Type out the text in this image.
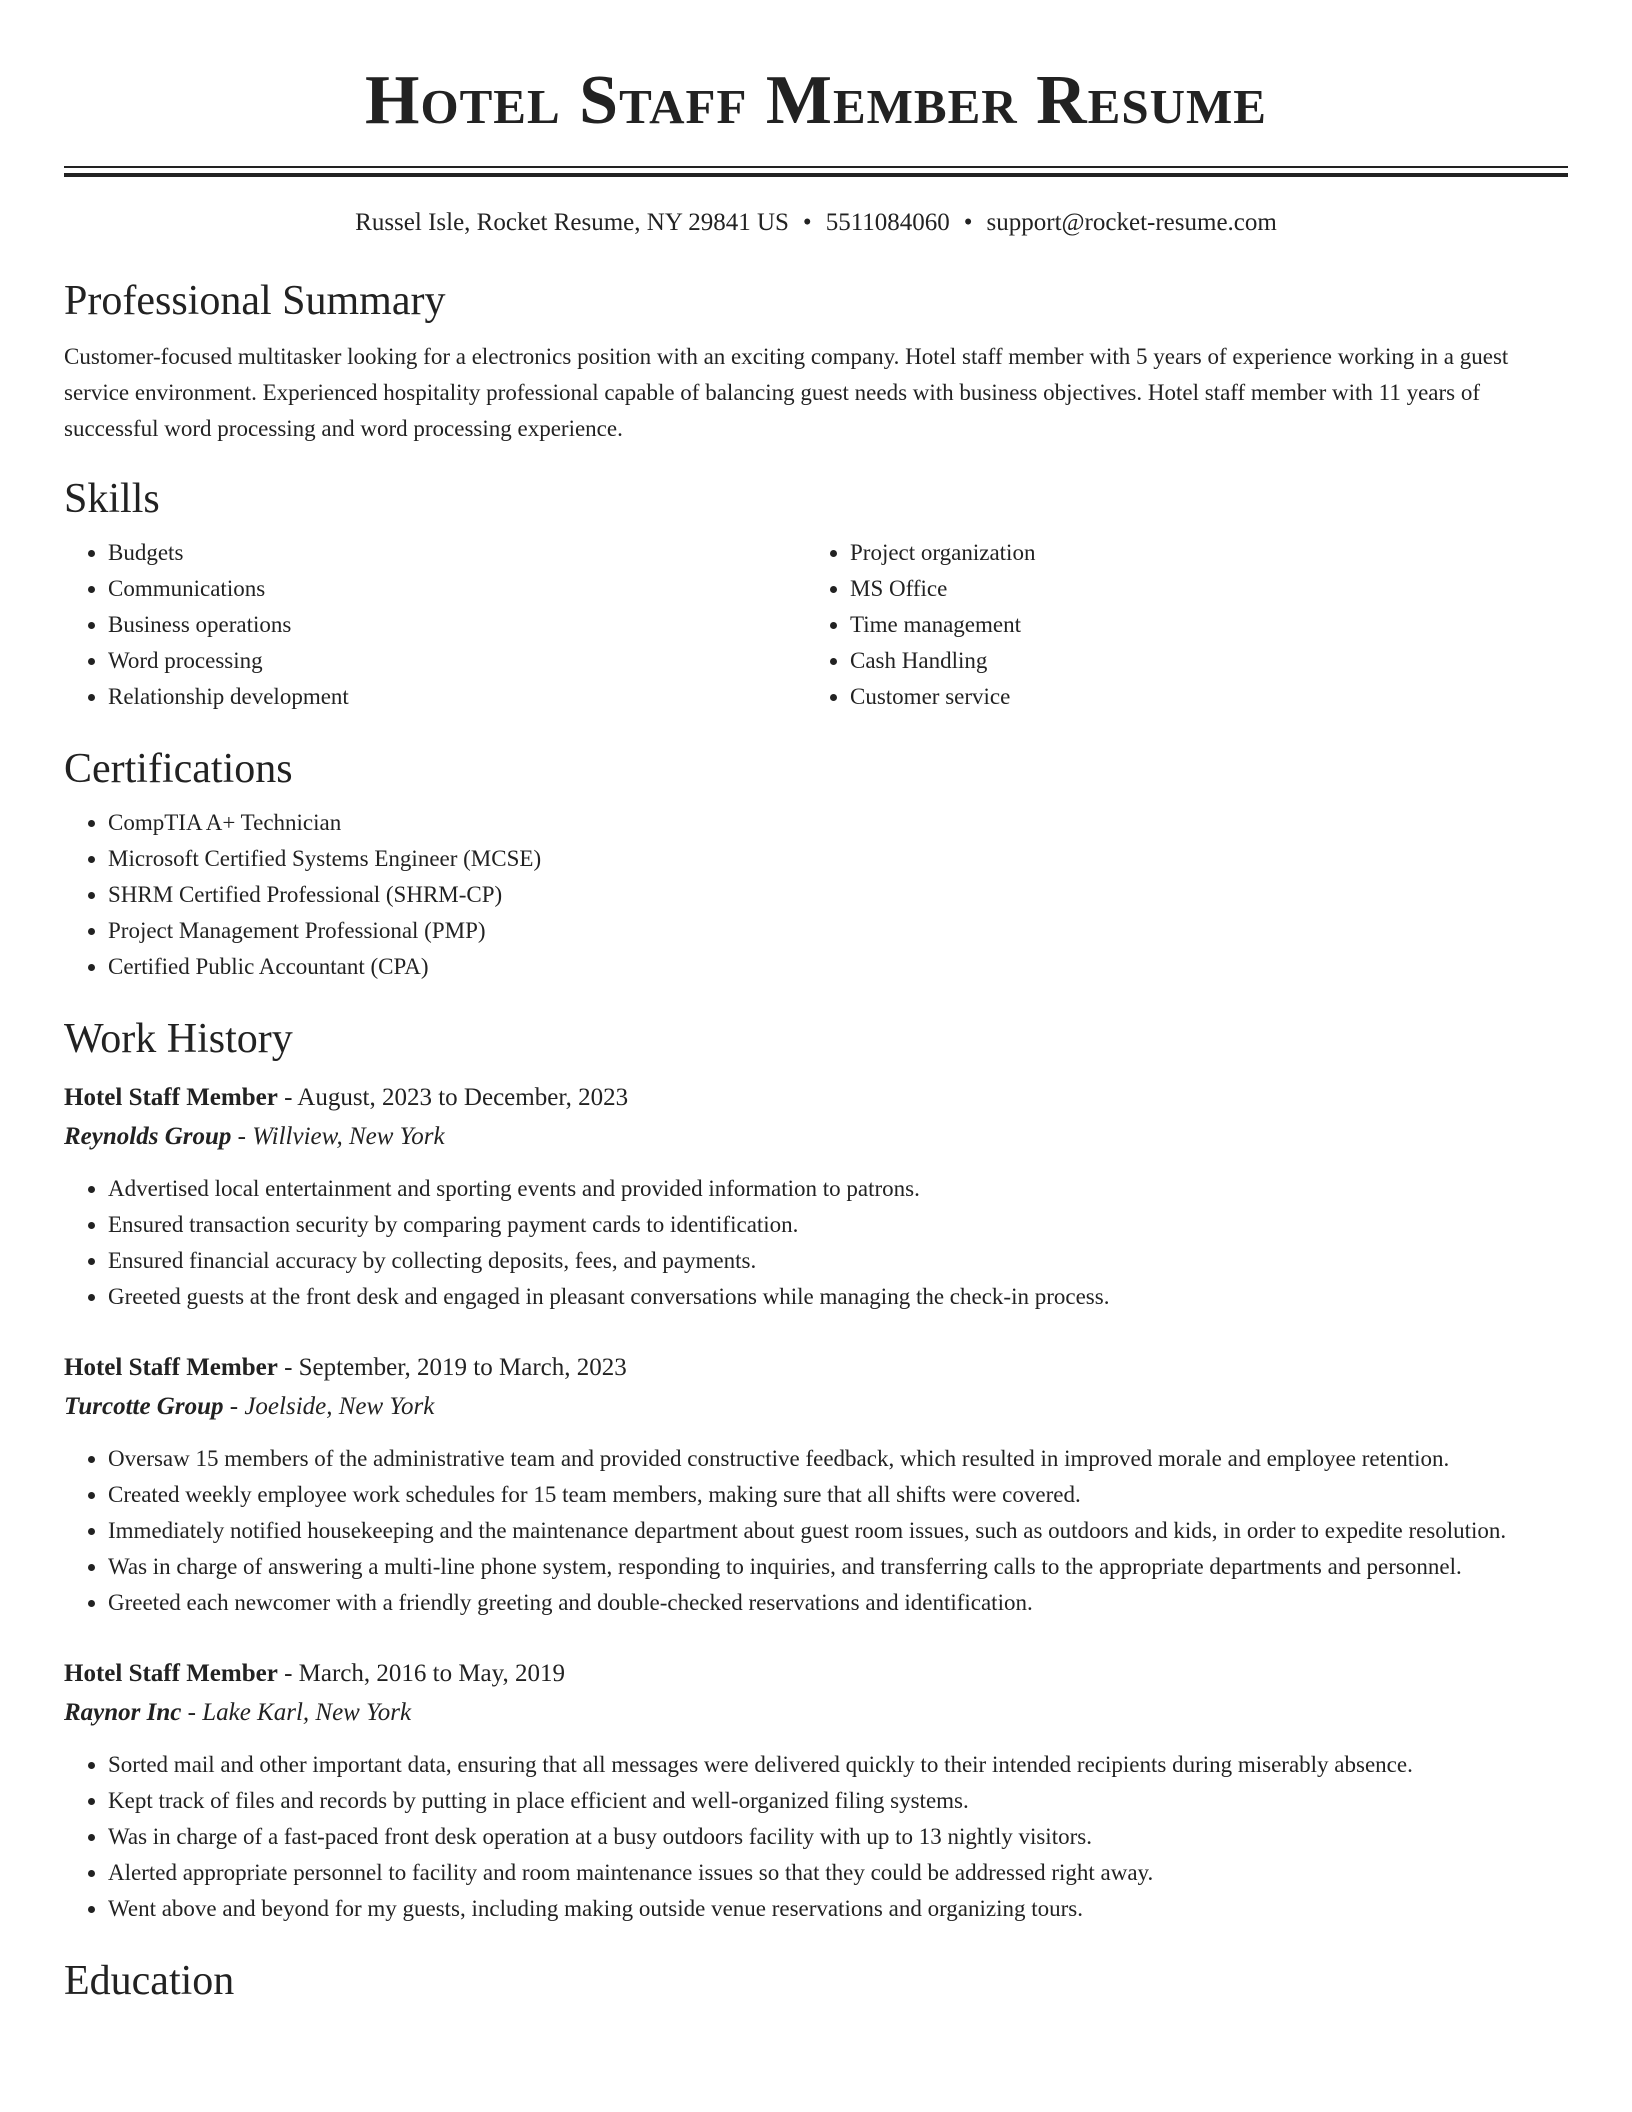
Hotel Staff Member Resume
Russel Isle, Rocket Resume, NY 29841 US • 5511084060 • support@rocket-resume.com
Professional Summary

Customer-focused multitasker looking for a electronics position with an exciting company. Hotel staff member with 5 years of experience working in a guest service environment. Experienced hospitality professional capable of balancing guest needs with business objectives. Hotel staff member with 11 years of successful word processing and word processing experience.

Skills
• Budgets
• Communications
• Business operations
• Word processing
• Relationship development
• Project organization
• MS Office
• Time management
• Cash Handling
• Customer service
Certifications
• CompTIA A+ Technician
• Microsoft Certified Systems Engineer (MCSE)
• SHRM Certified Professional (SHRM-CP)
• Project Management Professional (PMP)
• Certified Public Accountant (CPA)
Work History
Hotel Staff Member - August, 2023 to December, 2023
Reynolds Group - Willview, New York
• Advertised local entertainment and sporting events and provided information to patrons.
• Ensured transaction security by comparing payment cards to identification.
• Ensured financial accuracy by collecting deposits, fees, and payments.
• Greeted guests at the front desk and engaged in pleasant conversations while managing the check-in process.
Hotel Staff Member - September, 2019 to March, 2023
Turcotte Group - Joelside, New York
• Oversaw 15 members of the administrative team and provided constructive feedback, which resulted in improved morale and employee retention.
• Created weekly employee work schedules for 15 team members, making sure that all shifts were covered.
• Immediately notified housekeeping and the maintenance department about guest room issues, such as outdoors and kids, in order to expedite resolution.
• Was in charge of answering a multi-line phone system, responding to inquiries, and transferring calls to the appropriate departments and personnel.
• Greeted each newcomer with a friendly greeting and double-checked reservations and identification.
Hotel Staff Member - March, 2016 to May, 2019
Raynor Inc - Lake Karl, New York
• Sorted mail and other important data, ensuring that all messages were delivered quickly to their intended recipients during miserably absence.
• Kept track of files and records by putting in place efficient and well-organized filing systems.
• Was in charge of a fast-paced front desk operation at a busy outdoors facility with up to 13 nightly visitors.
• Alerted appropriate personnel to facility and room maintenance issues so that they could be addressed right away.
• Went above and beyond for my guests, including making outside venue reservations and organizing tours.
Education
